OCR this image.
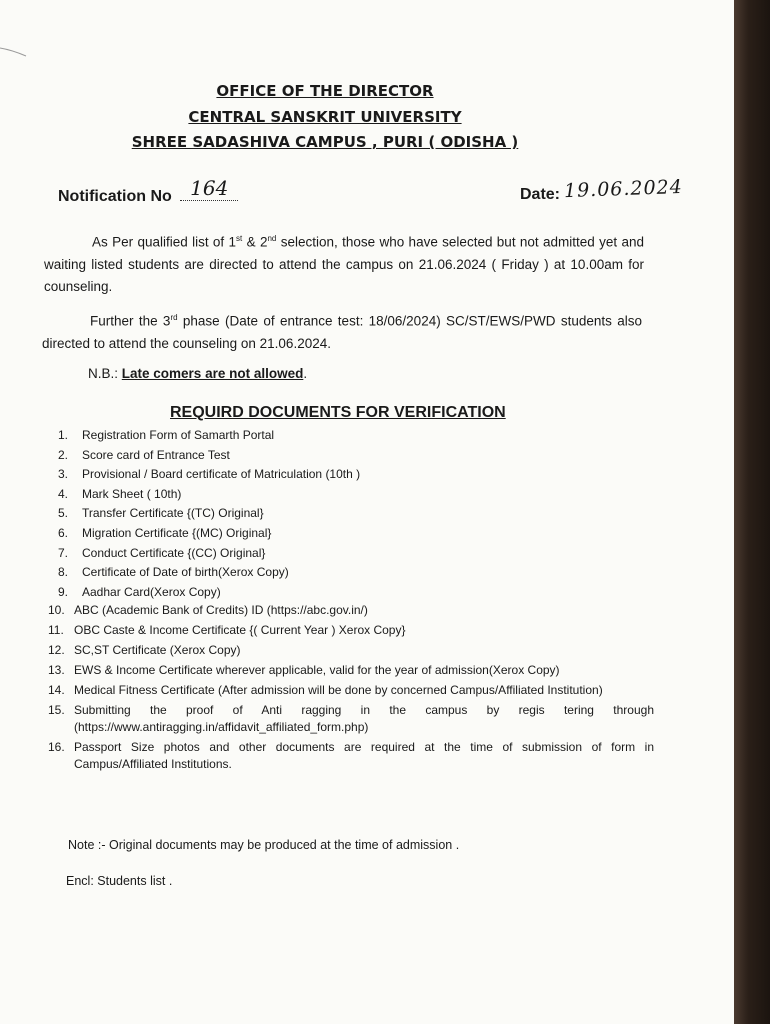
OFFICE OF THE DIRECTOR
CENTRAL SANSKRIT UNIVERSITY
SHREE SADASHIVA CAMPUS , PURI ( ODISHA )
Notification No 164	Date: 19.06.2024
As Per qualified list of 1st & 2nd selection, those who have selected but not admitted yet and waiting listed students are directed to attend the campus on 21.06.2024 ( Friday ) at 10.00am for counseling.
Further the 3rd phase (Date of entrance test: 18/06/2024) SC/ST/EWS/PWD students also directed to attend the counseling on 21.06.2024.
N.B.: Late comers are not allowed.
REQUIRD DOCUMENTS FOR VERIFICATION
1. Registration Form of Samarth Portal
2. Score card of Entrance Test
3. Provisional / Board certificate of Matriculation (10th )
4. Mark Sheet ( 10th)
5. Transfer Certificate {(TC) Original}
6. Migration Certificate {(MC) Original}
7. Conduct Certificate {(CC) Original}
8. Certificate of Date of birth(Xerox Copy)
9. Aadhar Card(Xerox Copy)
10. ABC (Academic Bank of Credits) ID (https://abc.gov.in/)
11. OBC Caste & Income Certificate {( Current Year ) Xerox Copy}
12. SC,ST Certificate (Xerox Copy)
13. EWS & Income Certificate wherever applicable, valid for the year of admission(Xerox Copy)
14. Medical Fitness Certificate (After admission will be done by concerned Campus/Affiliated Institution)
15. Submitting the proof of Anti ragging in the campus by regis tering through (https://www.antiragging.in/affidavit_affiliated_form.php)
16. Passport Size photos and other documents are required at the time of submission of form in Campus/Affiliated Institutions.
Note :- Original documents may be produced at the time of admission .
Encl: Students list .
